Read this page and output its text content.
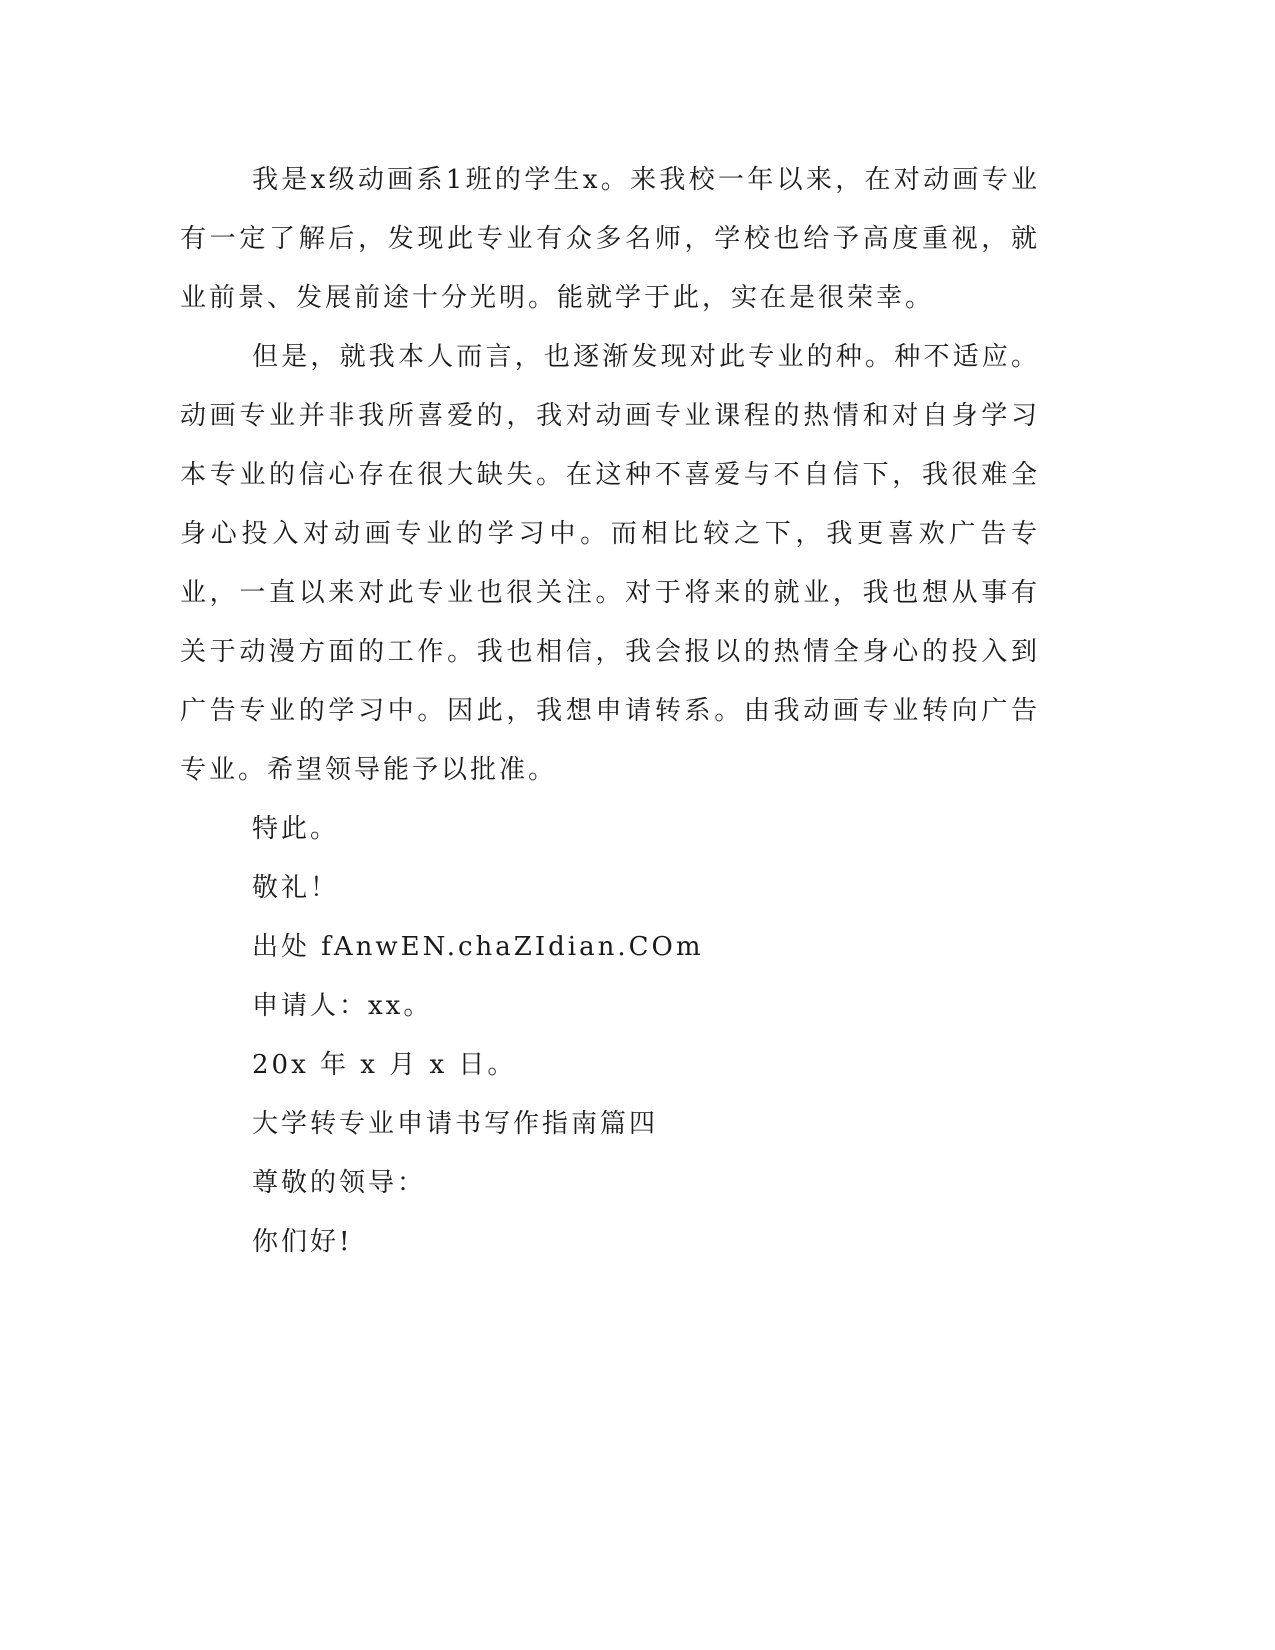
我是x级动画系1班的学生x。来我校一年以来，在对动画专业有一定了解后，发现此专业有众多名师，学校也给予高度重视，就业前景、发展前途十分光明。能就学于此，实在是很荣幸。

但是，就我本人而言，也逐渐发现对此专业的种。种不适应。动画专业并非我所喜爱的，我对动画专业课程的热情和对自身学习本专业的信心存在很大缺失。在这种不喜爱与不自信下，我很难全身心投入对动画专业的学习中。而相比较之下，我更喜欢广告专业，一直以来对此专业也很关注。对于将来的就业，我也想从事有关于动漫方面的工作。我也相信，我会报以的热情全身心的投入到广告专业的学习中。因此，我想申请转系。由我动画专业转向广告专业。希望领导能予以批准。

特此。

敬礼！

出处 fAnwEN.chaZIdian.COm

申请人：xx。

20x 年 x 月 x 日。

大学转专业申请书写作指南篇四

尊敬的领导：

你们好!
